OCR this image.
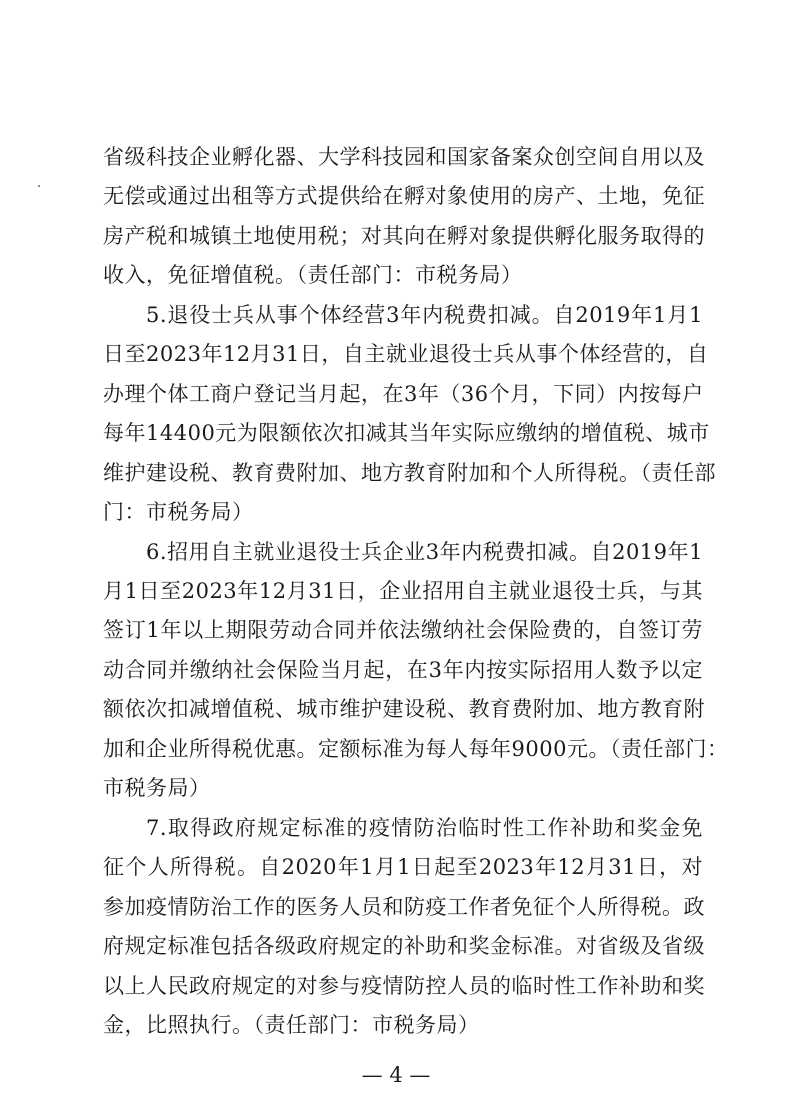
省级科技企业孵化器、大学科技园和国家备案众创空间自用以及
无偿或通过出租等方式提供给在孵对象使用的房产、土地，免征
房产税和城镇土地使用税；对其向在孵对象提供孵化服务取得的
收入，免征增值税。（责任部门：市税务局）
5.退役士兵从事个体经营3年内税费扣减。自2019年1月1
日至2023年12月31日，自主就业退役士兵从事个体经营的，自
办理个体工商户登记当月起，在3年（36个月，下同）内按每户
每年14400元为限额依次扣减其当年实际应缴纳的增值税、城市
维护建设税、教育费附加、地方教育附加和个人所得税。（责任部
门：市税务局）
6.招用自主就业退役士兵企业3年内税费扣减。自2019年1
月1日至2023年12月31日，企业招用自主就业退役士兵，与其
签订1年以上期限劳动合同并依法缴纳社会保险费的，自签订劳
动合同并缴纳社会保险当月起，在3年内按实际招用人数予以定
额依次扣减增值税、城市维护建设税、教育费附加、地方教育附
加和企业所得税优惠。定额标准为每人每年9000元。（责任部门：
市税务局）
7.取得政府规定标准的疫情防治临时性工作补助和奖金免
征个人所得税。自2020年1月1日起至2023年12月31日，对
参加疫情防治工作的医务人员和防疫工作者免征个人所得税。政
府规定标准包括各级政府规定的补助和奖金标准。对省级及省级
以上人民政府规定的对参与疫情防控人员的临时性工作补助和奖
金，比照执行。（责任部门：市税务局）
— 4 —
